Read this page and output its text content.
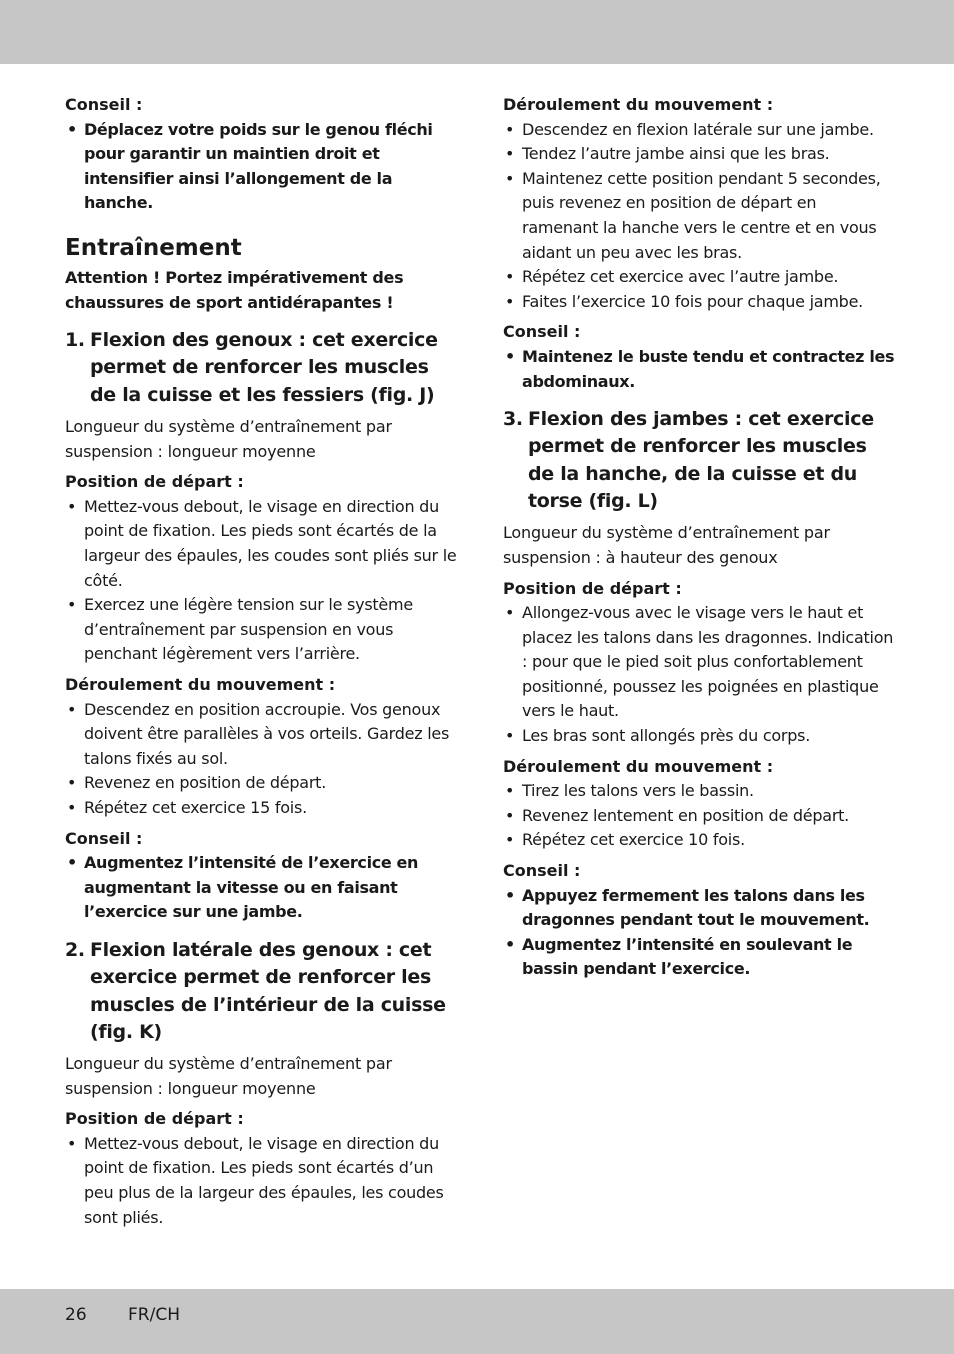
Conseil :

• Déplacez votre poids sur le genou fléchi pour garantir un maintien droit et intensifier ainsi l’allongement de la hanche.
Entraînement

Attention ! Portez impérativement des chaussures de sport antidérapantes !

1. Flexion des genoux : cet exercice permet de renforcer les muscles de la cuisse et les fessiers (fig. J)

Longueur du système d’entraînement par suspension : longueur moyenne

Position de départ :

• Mettez-vous debout, le visage en direction du point de fixation. Les pieds sont écartés de la largeur des épaules, les coudes sont pliés sur le côté.
• Exercez une légère tension sur le système d’entraînement par suspension en vous penchant légèrement vers l’arrière.

Déroulement du mouvement :

• Descendez en position accroupie. Vos genoux doivent être parallèles à vos orteils. Gardez les talons fixés au sol.
• Revenez en position de départ.
• Répétez cet exercice 15 fois.

Conseil :

• Augmentez l’intensité de l’exercice en augmentant la vitesse ou en faisant l’exercice sur une jambe.
2. Flexion latérale des genoux : cet exercice permet de renforcer les muscles de l’intérieur de la cuisse (fig. K)

Longueur du système d’entraînement par suspension : longueur moyenne

Position de départ :

• Mettez-vous debout, le visage en direction du point de fixation. Les pieds sont écartés d’un peu plus de la largeur des épaules, les coudes sont pliés.

Déroulement du mouvement :

• Descendez en flexion latérale sur une jambe.
• Tendez l’autre jambe ainsi que les bras.
• Maintenez cette position pendant 5 secondes, puis revenez en position de départ en ramenant la hanche vers le centre et en vous aidant un peu avec les bras.
• Répétez cet exercice avec l’autre jambe.
• Faites l’exercice 10 fois pour chaque jambe.

Conseil :

• Maintenez le buste tendu et contractez les abdominaux.
3. Flexion des jambes : cet exercice permet de renforcer les muscles de la hanche, de la cuisse et du torse (fig. L)

Longueur du système d’entraînement par suspension : à hauteur des genoux

Position de départ :

• Allongez-vous avec le visage vers le haut et placez les talons dans les dragonnes. Indication : pour que le pied soit plus confortablement positionné, poussez les poignées en plastique vers le haut.
• Les bras sont allongés près du corps.

Déroulement du mouvement :

• Tirez les talons vers le bassin.
• Revenez lentement en position de départ.
• Répétez cet exercice 10 fois.

Conseil :

• Appuyez fermement les talons dans les dragonnes pendant tout le mouvement.
• Augmentez l’intensité en soulevant le bassin pendant l’exercice.
26 FR/CH
